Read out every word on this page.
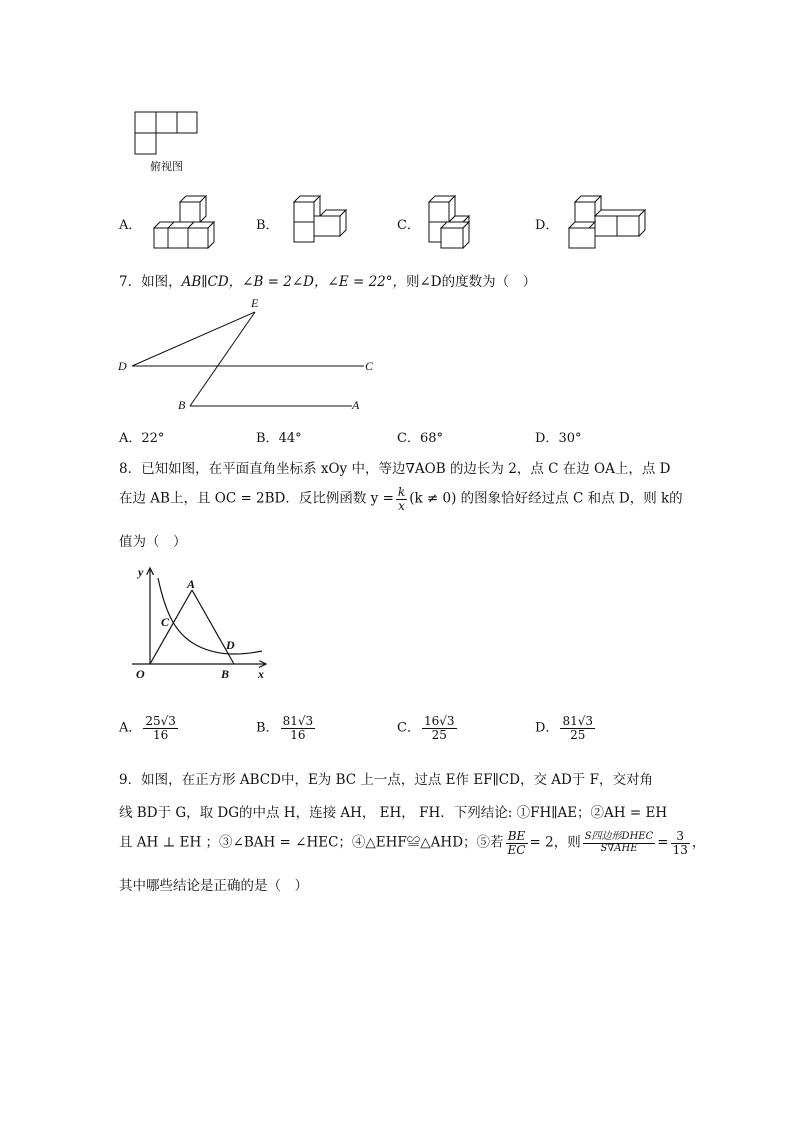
俯视图
A．	B．	C．	D．
7．如图，AB∥CD，∠B = 2∠D，∠E = 22°，则∠D的度数为（　）
E
D	C
B	A
A．22°	B．44°	C．68°	D．30°
8．已知如图，在平面直角坐标系 xOy 中，等边∇AOB 的边长为 2，点 C 在边 OA上，点 D
在边 AB上，且 OC = 2BD．反比例函数 $y = \frac{k}{x} (k \ne 0)$ 的图象恰好经过点 C 和点 D，则 k的
值为（　）
y
x
O
A
B
C
D
A． $\frac{25√3}{16}$	B． $\frac{81√3}{16}$	C． $\frac{16√3}{25}$	D． $\frac{81√3}{25}$
9．如图，在正方形 ABCD中，E为 BC 上一点，过点 E作 EF∥CD，交 AD于 F，交对角
线 BD于 G，取 DG的中点 H，连接 AH， EH， FH．下列结论: ①FH∥AE；②AH = EH
且 AH ⊥ EH ；③∠BAH = ∠HEC；④△EHF≌△AHD；⑤若 $\frac{BE}{EC} = 2$，则 $\frac{\text{S四边形DHEC}}{\text{S∇AHE}} = \frac{3}{13}$ ，
其中哪些结论是正确的是（　）
